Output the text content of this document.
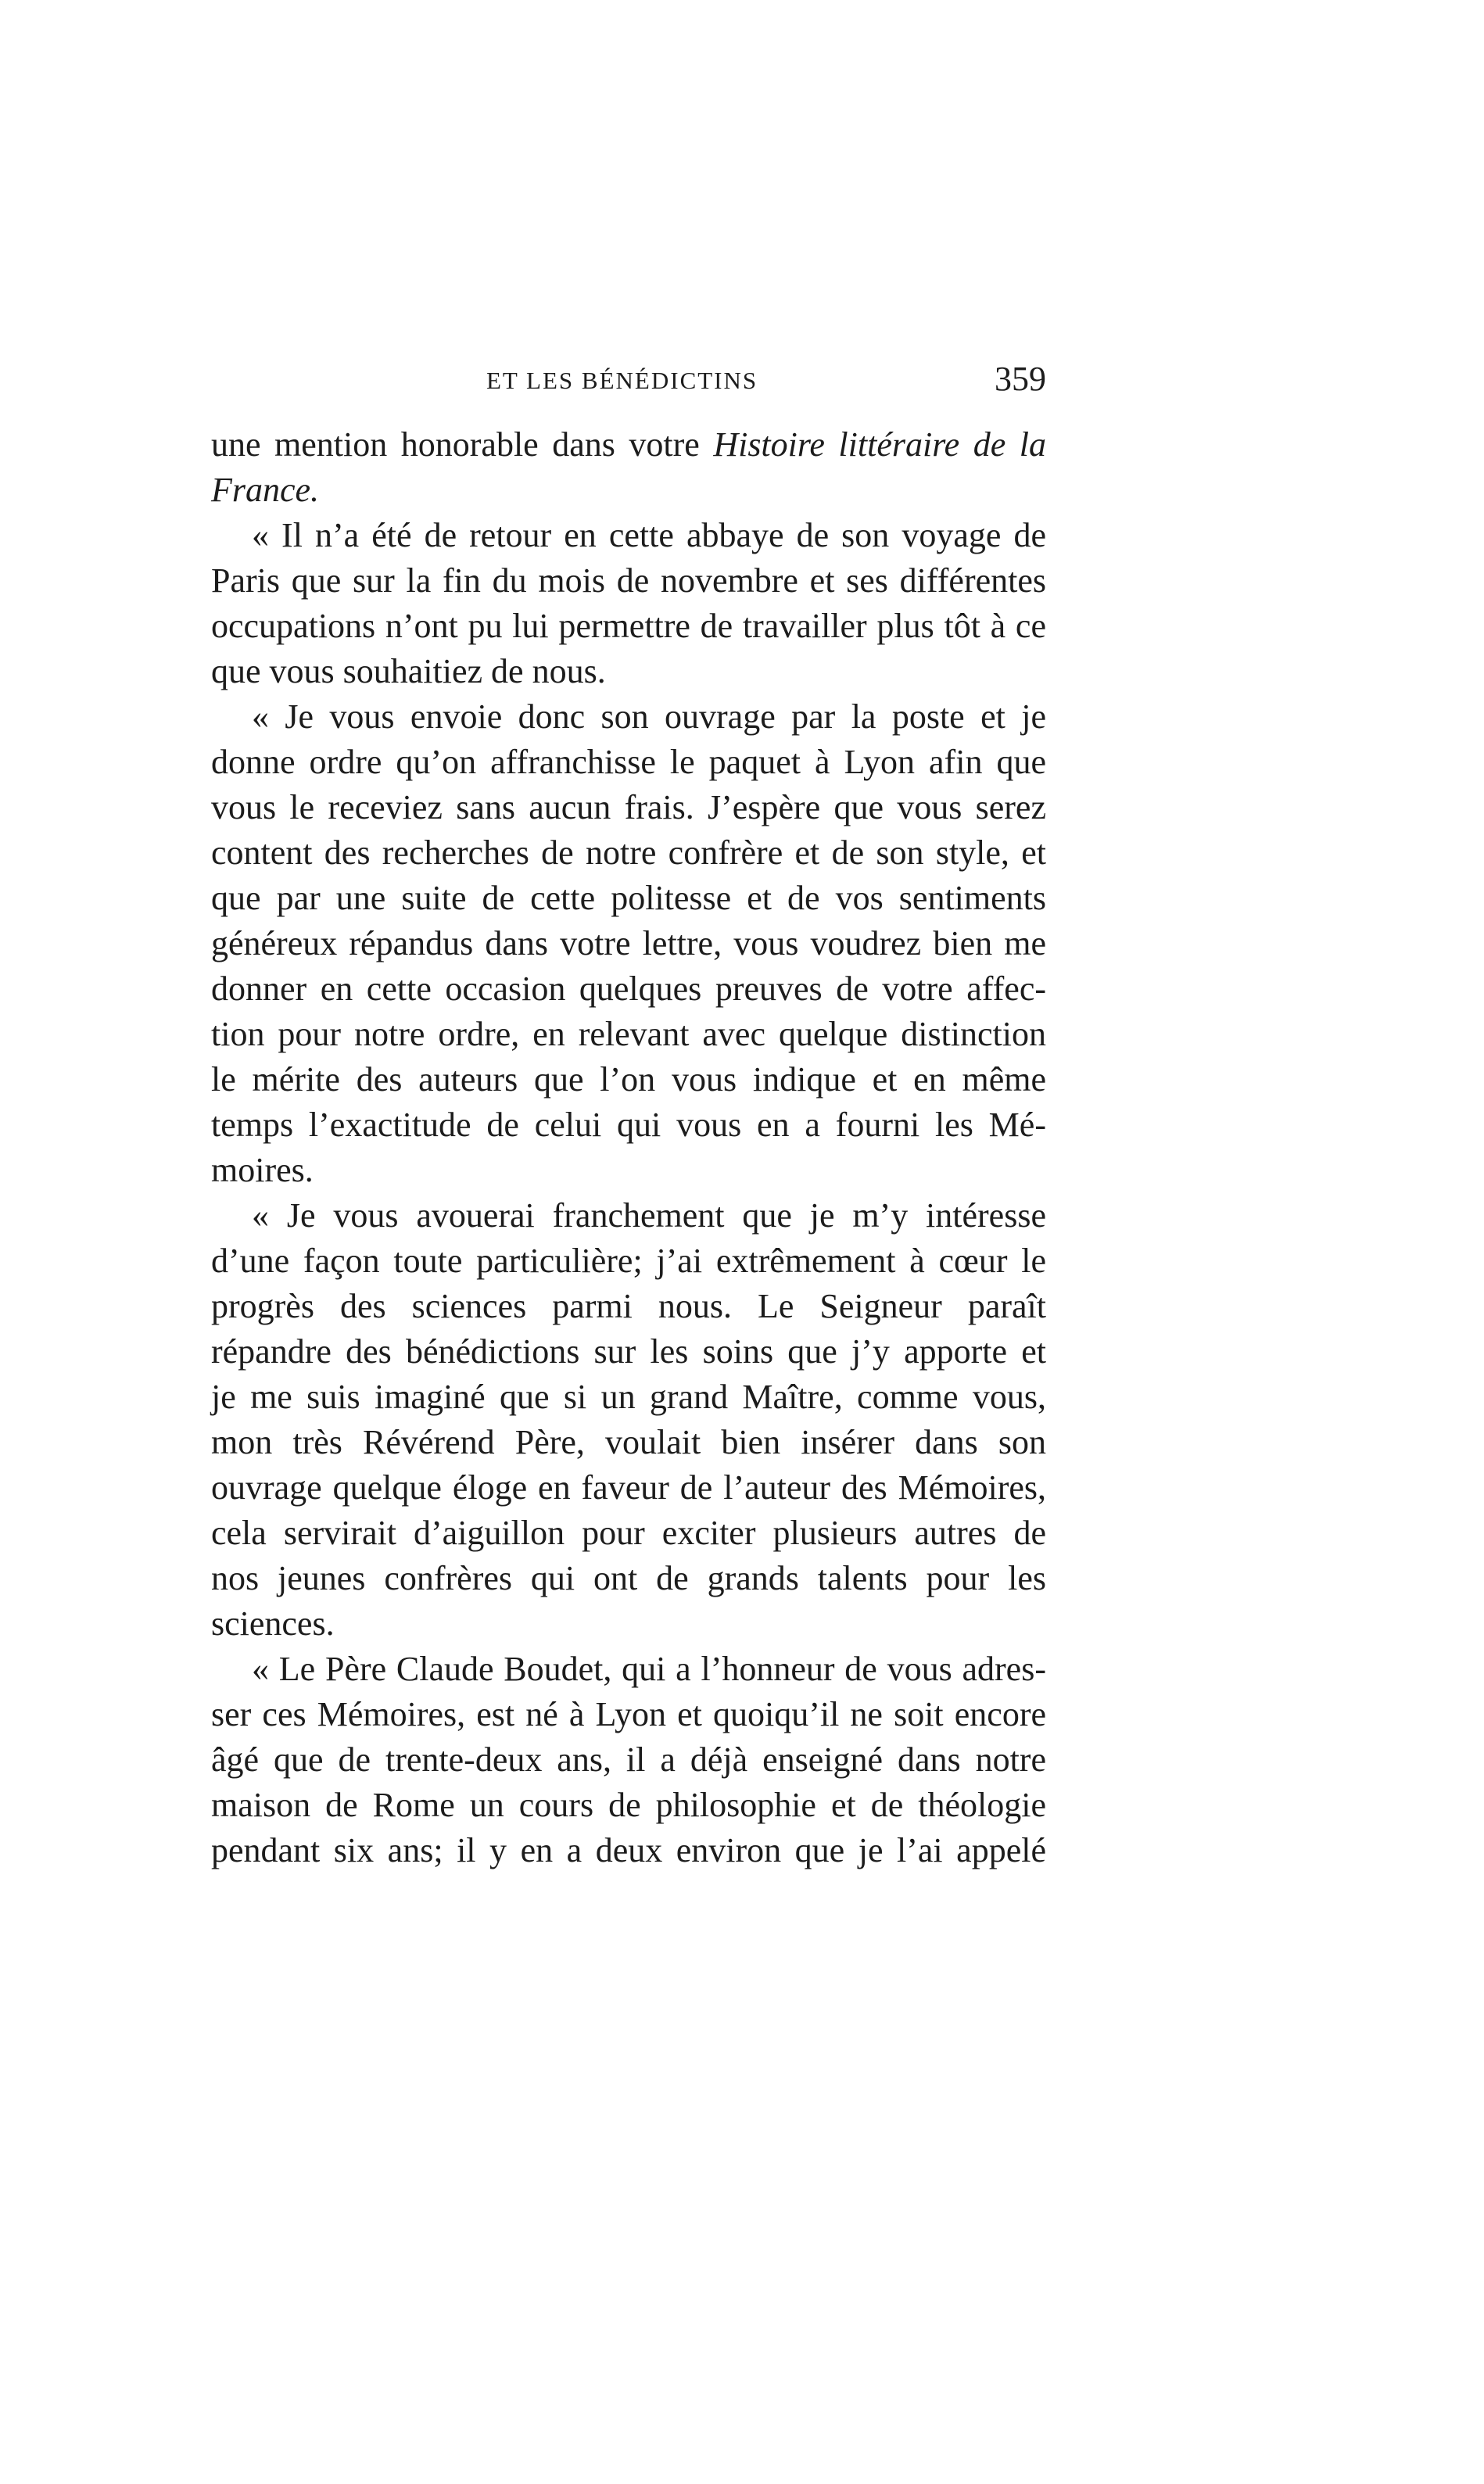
ET LES BÉNÉDICTINS	359
une mention honorable dans votre Histoire littéraire de la
France.
« Il n’a été de retour en cette abbaye de son voyage de
Paris que sur la fin du mois de novembre et ses différentes
occupations n’ont pu lui permettre de travailler plus tôt à ce
que vous souhaitiez de nous.
« Je vous envoie donc son ouvrage par la poste et je
donne ordre qu’on affranchisse le paquet à Lyon afin que
vous le receviez sans aucun frais. J’espère que vous serez
content des recherches de notre confrère et de son style, et
que par une suite de cette politesse et de vos sentiments
généreux répandus dans votre lettre, vous voudrez bien me
donner en cette occasion quelques preuves de votre affec-
tion pour notre ordre, en relevant avec quelque distinction
le mérite des auteurs que l’on vous indique et en même
temps l’exactitude de celui qui vous en a fourni les Mé-
moires.
« Je vous avouerai franchement que je m’y intéresse
d’une façon toute particulière; j’ai extrêmement à cœur le
progrès des sciences parmi nous. Le Seigneur paraît
répandre des bénédictions sur les soins que j’y apporte et
je me suis imaginé que si un grand Maître, comme vous,
mon très Révérend Père, voulait bien insérer dans son
ouvrage quelque éloge en faveur de l’auteur des Mémoires,
cela servirait d’aiguillon pour exciter plusieurs autres de
nos jeunes confrères qui ont de grands talents pour les
sciences.
« Le Père Claude Boudet, qui a l’honneur de vous adres-
ser ces Mémoires, est né à Lyon et quoiqu’il ne soit encore
âgé que de trente-deux ans, il a déjà enseigné dans notre
maison de Rome un cours de philosophie et de théologie
pendant six ans; il y en a deux environ que je l’ai appelé
